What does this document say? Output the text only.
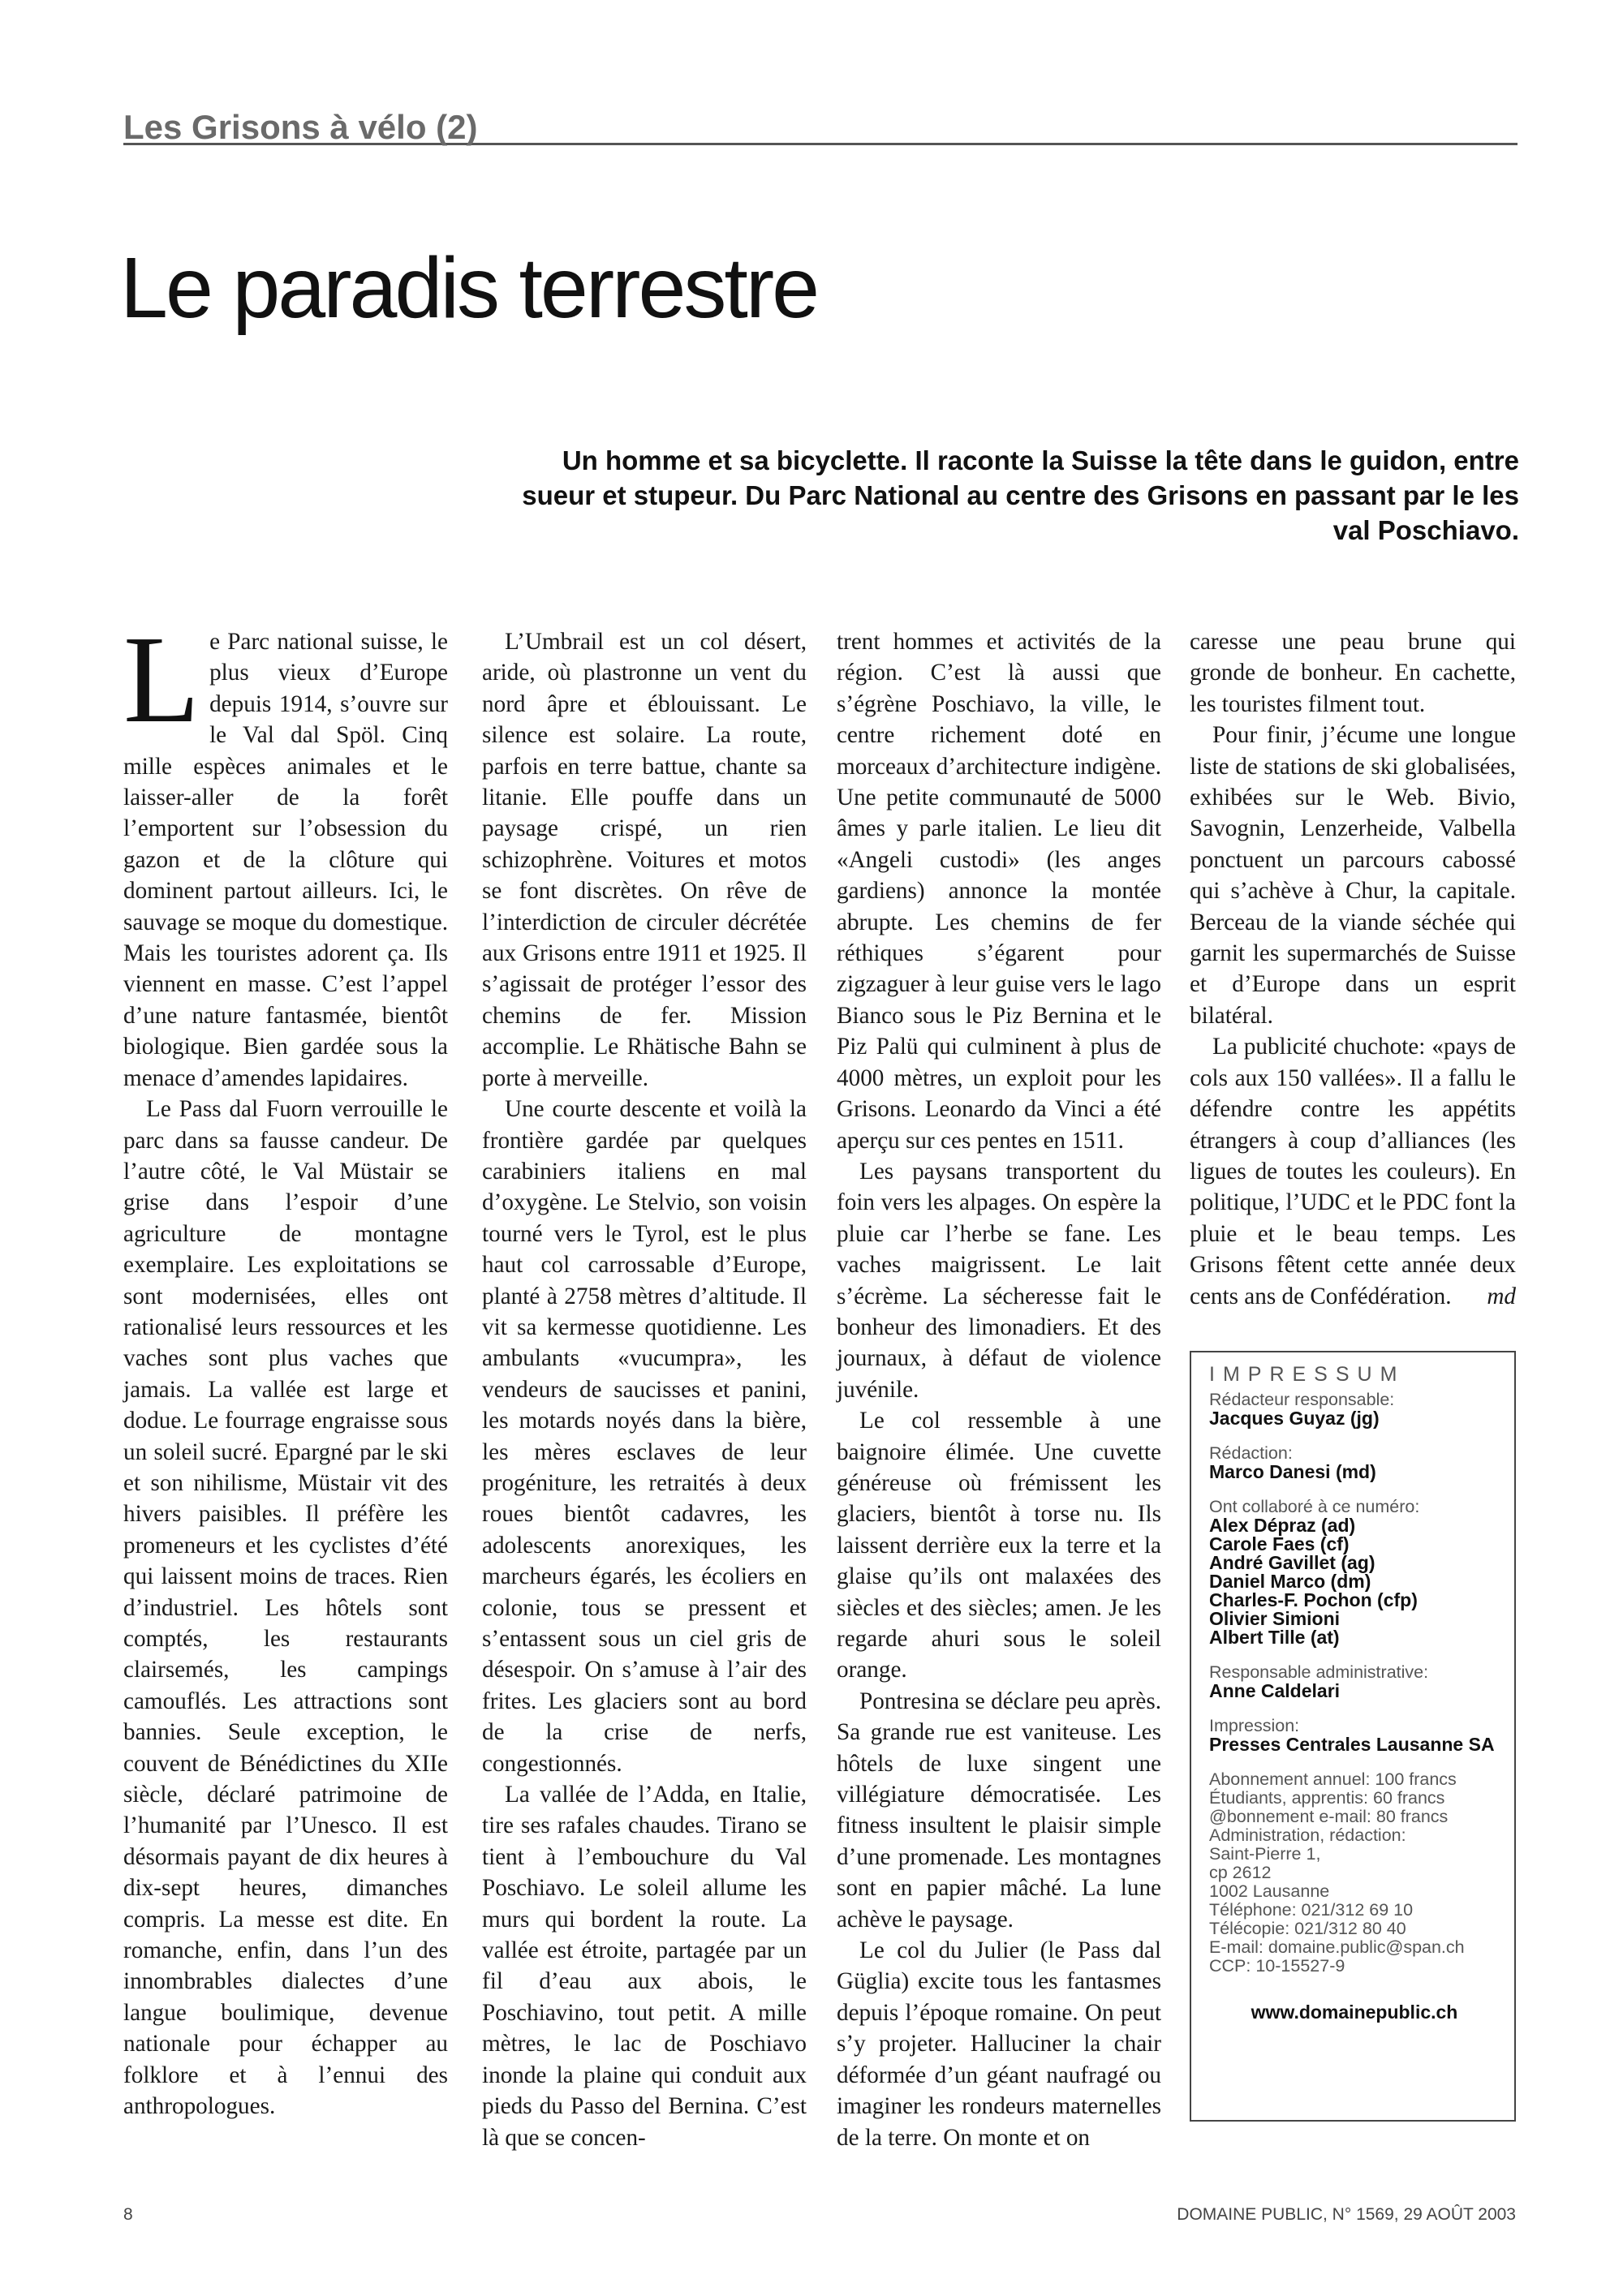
Les Grisons à vélo (2)
Le paradis terrestre

Un homme et sa bicyclette. Il raconte la Suisse la tête dans le guidon, entre sueur et stupeur. Du Parc National au centre des Grisons en passant par le les val Poschiavo.

Le Parc national suisse, le plus vieux d’Europe depuis 1914, s’ouvre sur le Val dal Spöl. Cinq mille espèces animales et le laisser-aller de la forêt l’emportent sur l’obsession du gazon et de la clôture qui dominent partout ailleurs. Ici, le sauvage se moque du domestique. Mais les touristes adorent ça. Ils viennent en masse. C’est l’appel d’une nature fantasmée, bientôt biologique. Bien gardée sous la menace d’amendes lapidaires.

Le Pass dal Fuorn verrouille le parc dans sa fausse candeur. De l’autre côté, le Val Müstair se grise dans l’espoir d’une agriculture de montagne exemplaire. Les exploitations se sont modernisées, elles ont rationalisé leurs ressources et les vaches sont plus vaches que jamais. La vallée est large et dodue. Le fourrage engraisse sous un soleil sucré. Epargné par le ski et son nihilisme, Müstair vit des hivers paisibles. Il préfère les promeneurs et les cyclistes d’été qui laissent moins de traces. Rien d’industriel. Les hôtels sont comptés, les restaurants clairsemés, les campings camouflés. Les attractions sont bannies. Seule exception, le couvent de Bénédictines du XIIe siècle, déclaré patrimoine de l’humanité par l’Unesco. Il est désormais payant de dix heures à dix-sept heures, dimanches compris. La messe est dite. En romanche, enfin, dans l’un des innombrables dialectes d’une langue boulimique, devenue nationale pour échapper au folklore et à l’ennui des anthropologues.

L’Umbrail est un col désert, aride, où plastronne un vent du nord âpre et éblouissant. Le silence est solaire. La route, parfois en terre battue, chante sa litanie. Elle pouffe dans un paysage crispé, un rien schizophrène. Voitures et motos se font discrètes. On rêve de l’interdiction de circuler décrétée aux Grisons entre 1911 et 1925. Il s’agissait de protéger l’essor des chemins de fer. Mission accomplie. Le Rhätische Bahn se porte à merveille.

Une courte descente et voilà la frontière gardée par quelques carabiniers italiens en mal d’oxygène. Le Stelvio, son voisin tourné vers le Tyrol, est le plus haut col carrossable d’Europe, planté à 2758 mètres d’altitude. Il vit sa kermesse quotidienne. Les ambulants «vucumpra», les vendeurs de saucisses et panini, les motards noyés dans la bière, les mères esclaves de leur progéniture, les retraités à deux roues bientôt cadavres, les adolescents anorexiques, les marcheurs égarés, les écoliers en colonie, tous se pressent et s’entassent sous un ciel gris de désespoir. On s’amuse à l’air des frites. Les glaciers sont au bord de la crise de nerfs, congestionnés.

La vallée de l’Adda, en Italie, tire ses rafales chaudes. Tirano se tient à l’embouchure du Val Poschiavo. Le soleil allume les murs qui bordent la route. La vallée est étroite, partagée par un fil d’eau aux abois, le Poschiavino, tout petit. A mille mètres, le lac de Poschiavo inonde la plaine qui conduit aux pieds du Passo del Bernina. C’est là que se concen-

trent hommes et activités de la région. C’est là aussi que s’égrène Poschiavo, la ville, le centre richement doté en morceaux d’architecture indigène. Une petite communauté de 5000 âmes y parle italien. Le lieu dit «Angeli custodi» (les anges gardiens) annonce la montée abrupte. Les chemins de fer réthiques s’égarent pour zigzaguer à leur guise vers le lago Bianco sous le Piz Bernina et le Piz Palü qui culminent à plus de 4000 mètres, un exploit pour les Grisons. Leonardo da Vinci a été aperçu sur ces pentes en 1511.

Les paysans transportent du foin vers les alpages. On espère la pluie car l’herbe se fane. Les vaches maigrissent. Le lait s’écrème. La sécheresse fait le bonheur des limonadiers. Et des journaux, à défaut de violence juvénile.

Le col ressemble à une baignoire élimée. Une cuvette généreuse où frémissent les glaciers, bientôt à torse nu. Ils laissent derrière eux la terre et la glaise qu’ils ont malaxées des siècles et des siècles; amen. Je les regarde ahuri sous le soleil orange.

Pontresina se déclare peu après. Sa grande rue est vaniteuse. Les hôtels de luxe singent une villégiature démocratisée. Les fitness insultent le plaisir simple d’une promenade. Les montagnes sont en papier mâché. La lune achève le paysage.

Le col du Julier (le Pass dal Güglia) excite tous les fantasmes depuis l’époque romaine. On peut s’y projeter. Halluciner la chair déformée d’un géant naufragé ou imaginer les rondeurs maternelles de la terre. On monte et on

caresse une peau brune qui gronde de bonheur. En cachette, les touristes filment tout.

Pour finir, j’écume une longue liste de stations de ski globalisées, exhibées sur le Web. Bivio, Savognin, Lenzerheide, Valbella ponctuent un parcours cabossé qui s’achève à Chur, la capitale. Berceau de la viande séchée qui garnit les supermarchés de Suisse et d’Europe dans un esprit bilatéral.

La publicité chuchote: «pays de cols aux 150 vallées». Il a fallu le défendre contre les appétits étrangers à coup d’alliances (les ligues de toutes les couleurs). En politique, l’UDC et le PDC font la pluie et le beau temps. Les Grisons fêtent cette année deux cents ans de Confédération.	md

IMPRESSUM
Rédacteur responsable:
Jacques Guyaz (jg)
Rédaction:
Marco Danesi (md)
Ont collaboré à ce numéro:
Alex Dépraz (ad)
Carole Faes (cf)
André Gavillet (ag)
Daniel Marco (dm)
Charles-F. Pochon (cfp)
Olivier Simioni
Albert Tille (at)
Responsable administrative:
Anne Caldelari
Impression:
Presses Centrales Lausanne SA
Abonnement annuel: 100 francs
Étudiants, apprentis: 60 francs
@bonnement e-mail: 80 francs
Administration, rédaction:
Saint-Pierre 1,
cp 2612
1002 Lausanne
Téléphone: 021/312 69 10
Télécopie: 021/312 80 40
E-mail: domaine.public@span.ch
CCP: 10-15527-9
www.domainepublic.ch
8	DOMAINE PUBLIC, N° 1569, 29 AOÛT 2003
